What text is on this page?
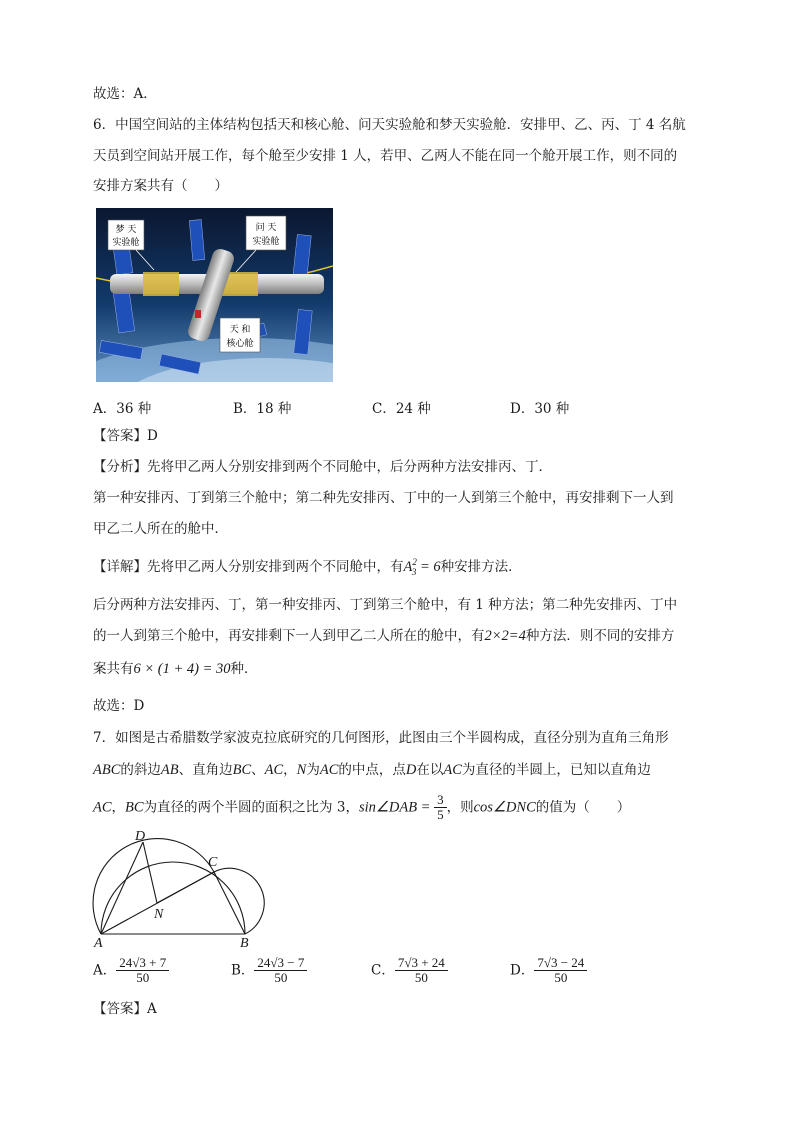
故选：A．
6．中国空间站的主体结构包括天和核心舱、问天实验舱和梦天实验舱．安排甲、乙、丙、丁 4 名航
天员到空间站开展工作，每个舱至少安排 1 人，若甲、乙两人不能在同一个舱开展工作，则不同的
安排方案共有（　　）
梦 天
实验舱
问 天
实验舱
天 和
核心舱
A．36 种	B．18 种	C．24 种	D．30 种
【答案】D
【分析】先将甲乙两人分别安排到两个不同舱中，后分两种方法安排丙、丁．
第一种安排丙、丁到第三个舱中；第二种先安排丙、丁中的一人到第三个舱中，再安排剩下一人到
甲乙二人所在的舱中．
【详解】先将甲乙两人分别安排到两个不同舱中，有$A^2_3 = 6$种安排方法．
后分两种方法安排丙、丁，第一种安排丙、丁到第三个舱中，有 1 种方法；第二种先安排丙、丁中
的一人到第三个舱中，再安排剩下一人到甲乙二人所在的舱中，有2×2=4种方法．则不同的安排方
案共有6 × (1 + 4) = 30种．
故选：D
7．如图是古希腊数学家波克拉底研究的几何图形，此图由三个半圆构成，直径分别为直角三角形
ABC的斜边AB、直角边BC、AC，N为AC的中点，点D在以AC为直径的半圆上，已知以直角边
AC，BC为直径的两个半圆的面积之比为 3，sin∠DAB = $\frac{3}{5}$ ，则cos∠DNC的值为（　　）
D
C
N
A	B
A． $\frac{24√3 + 7}{50}$	B． $\frac{24√3 - 7}{50}$	C． $\frac{7√3 + 24}{50}$	D． $\frac{7√3 - 24}{50}$
【答案】A
